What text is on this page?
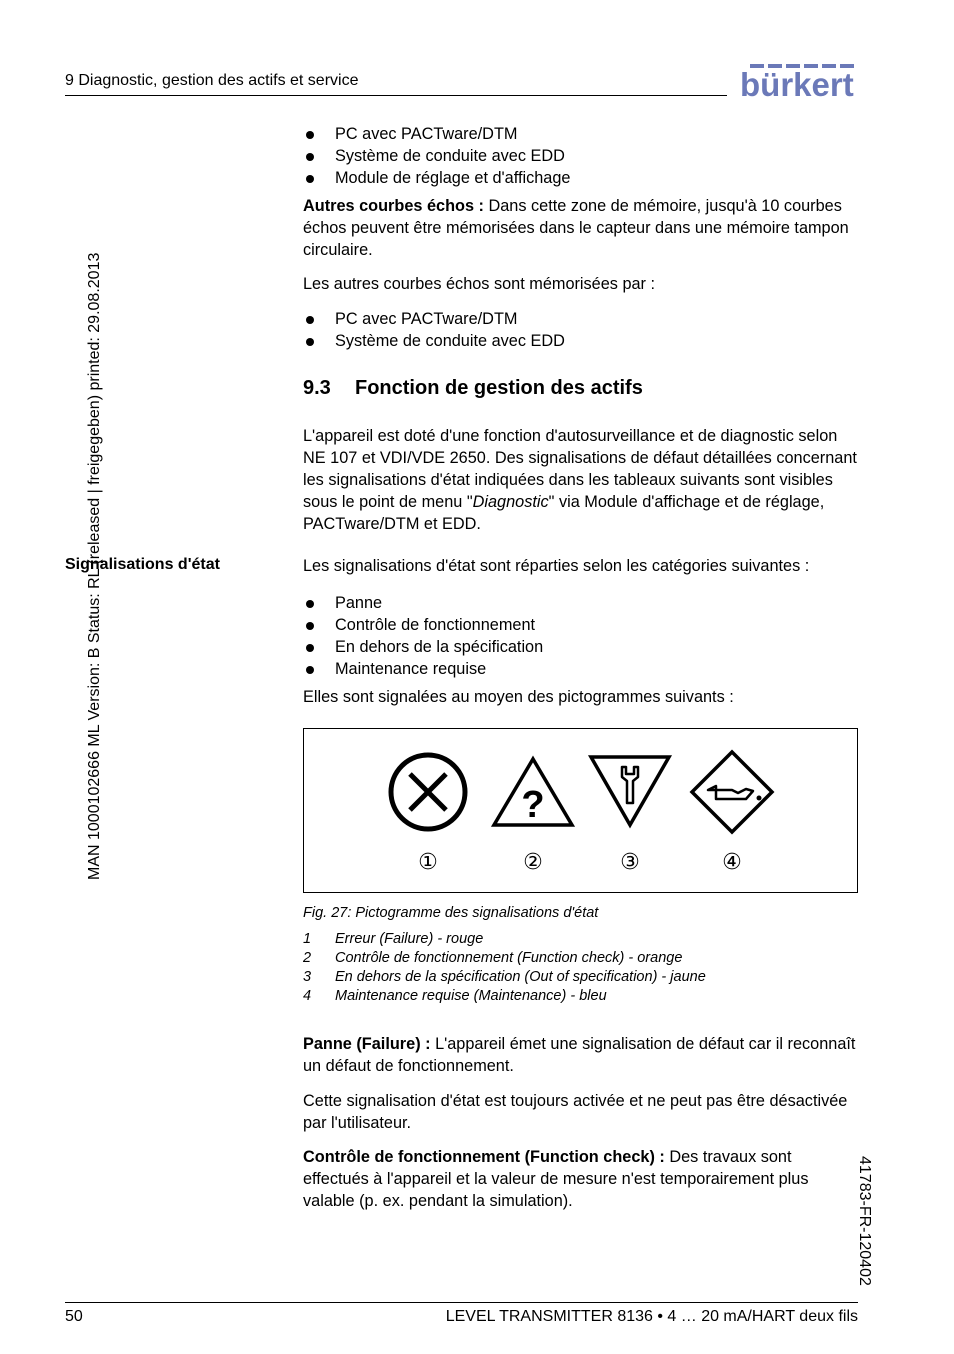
9 Diagnostic, gestion des actifs et service	bürkert
MAN 1000102666 ML Version: B Status: RL (released | freigegeben) printed: 29.08.2013
41783-FR-120402
PC avec PACTware/DTM
Système de conduite avec EDD
Module de réglage et d'affichage

Autres courbes échos : Dans cette zone de mémoire, jusqu'à 10 courbes échos peuvent être mémorisées dans le capteur dans une mémoire tampon circulaire.

Les autres courbes échos sont mémorisées par :

PC avec PACTware/DTM
Système de conduite avec EDD
9.3 Fonction de gestion des actifs

L'appareil est doté d'une fonction d'autosurveillance et de diagnostic selon NE 107 et VDI/VDE 2650. Des signalisations de défaut détaillées concernant les signalisations d'état indiquées dans les tableaux suivants sont visibles sous le point de menu "Diagnostic" via Module d'affichage et de réglage, PACTware/DTM et EDD.

Signalisations d'état	Les signalisations d'état sont réparties selon les catégories suivantes :

Panne
Contrôle de fonctionnement
En dehors de la spécification
Maintenance requise

Elles sont signalées au moyen des pictogrammes suivants :

?
①	②	③	④
Fig. 27: Pictogramme des signalisations d'état
1 Erreur (Failure) - rouge
2 Contrôle de fonctionnement (Function check) - orange
3 En dehors de la spécification (Out of specification) - jaune
4 Maintenance requise (Maintenance) - bleu

Panne (Failure) : L'appareil émet une signalisation de défaut car il reconnaît un défaut de fonctionnement.

Cette signalisation d'état est toujours activée et ne peut pas être désactivée par l'utilisateur.

Contrôle de fonctionnement (Function check) : Des travaux sont effectués à l'appareil et la valeur de mesure n'est temporairement plus valable (p. ex. pendant la simulation).

50	LEVEL TRANSMITTER 8136 • 4 … 20 mA/HART deux fils
